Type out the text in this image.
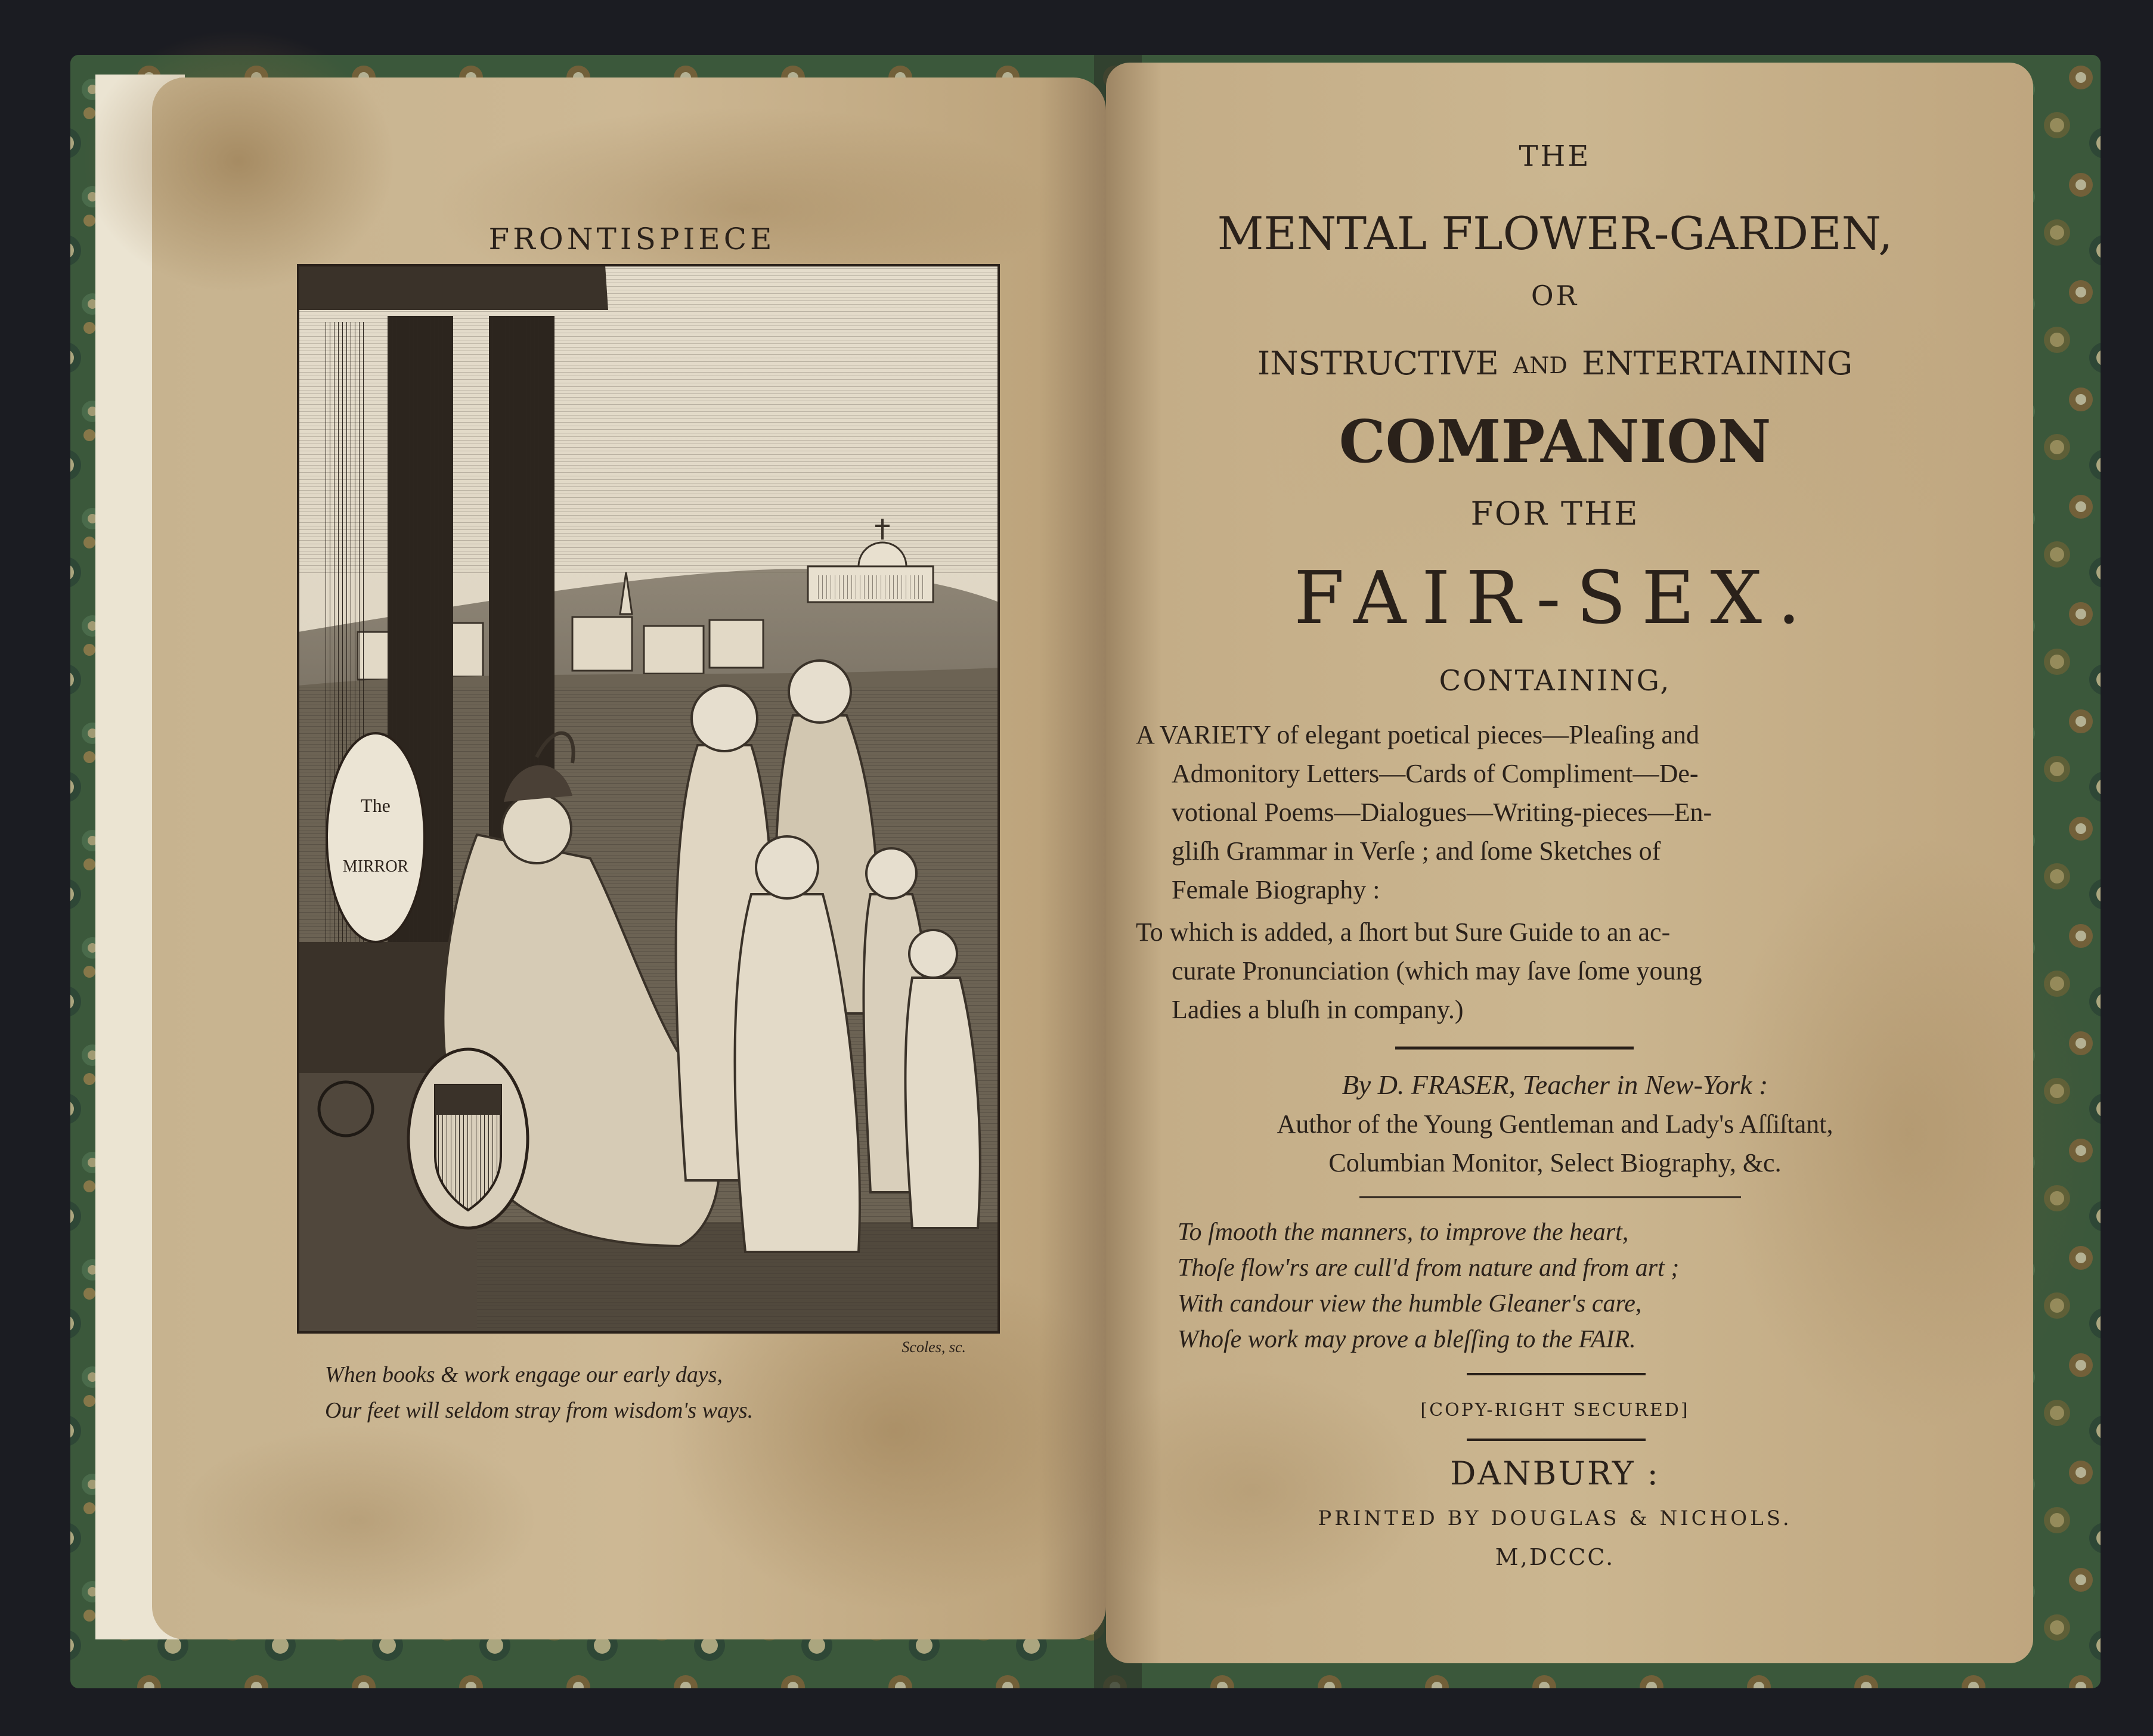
FRONTISPIECE
The
MIRROR
Scoles, sc.
When books & work engage our early days,
Our feet will seldom stray from wisdom's ways.
THE
MENTAL FLOWER-GARDEN,
OR
INSTRUCTIVE AND ENTERTAINING
COMPANION
FOR THE
FAIR-SEX.
CONTAINING,
A VARIETY of elegant poetical pieces—Pleaſing and
Admonitory Letters—Cards of Compliment—De-
votional Poems—Dialogues—Writing-pieces—En-
gliſh Grammar in Verſe ; and ſome Sketches of
Female Biography :
To which is added, a ſhort but Sure Guide to an ac-
curate Pronunciation (which may ſave ſome young
Ladies a bluſh in company.)
By D. FRASER, Teacher in New-York :
Author of the Young Gentleman and Lady's Aſſiſtant,
Columbian Monitor, Select Biography, &c.
To ſmooth the manners, to improve the heart,
Thoſe flow'rs are cull'd from nature and from art ;
With candour view the humble Gleaner's care,
Whoſe work may prove a bleſſing to the FAIR.
[COPY-RIGHT SECURED]
DANBURY :
PRINTED BY DOUGLAS & NICHOLS.
M,DCCC.
